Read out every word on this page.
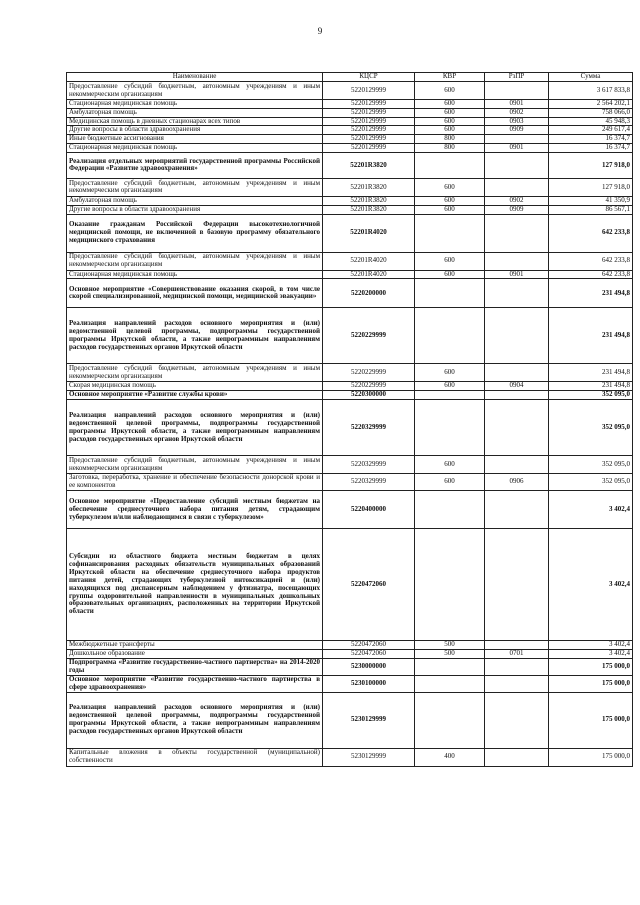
9
Наименование	КЦСР	КВР	РзПР	Сумма
Предоставление субсидий бюджетным, автономным учреждениям и иным некоммерческим организациям	5220129999	600		3 617 833,8
Стационарная медицинская помощь	5220129999	600	0901	2 564 202,1
Амбулаторная помощь	5220129999	600	0902	758 066,0
Медицинская помощь в дневных стационарах всех типов	5220129999	600	0903	45 948,3
Другие вопросы в области здравоохранения	5220129999	600	0909	249 617,4
Иные бюджетные ассигнования	5220129999	800		16 374,7
Стационарная медицинская помощь	5220129999	800	0901	16 374,7
Реализация отдельных мероприятий государственной программы Российской Федерации «Развитие здравоохранения»	52201R3820			127 918,0
Предоставление субсидий бюджетным, автономным учреждениям и иным некоммерческим организациям	52201R3820	600		127 918,0
Амбулаторная помощь	52201R3820	600	0902	41 350,9
Другие вопросы в области здравоохранения	52201R3820	600	0909	86 567,1
Оказание гражданам Российской Федерации высокотехнологичной медицинской помощи, не включенной в базовую программу обязательного медицинского страхования	52201R4020			642 233,8
Предоставление субсидий бюджетным, автономным учреждениям и иным некоммерческим организациям	52201R4020	600		642 233,8
Стационарная медицинская помощь	52201R4020	600	0901	642 233,8
Основное мероприятие «Совершенствование оказания скорой, в том числе скорой специализированной, медицинской помощи, медицинской эвакуации»	5220200000			231 494,8
Реализация направлений расходов основного мероприятия и (или) ведомственной целевой программы, подпрограммы государственной программы Иркутской области, а также непрограммным направлениям расходов государственных органов Иркутской области	5220229999			231 494,8
Предоставление субсидий бюджетным, автономным учреждениям и иным некоммерческим организациям	5220229999	600		231 494,8
Скорая медицинская помощь	5220229999	600	0904	231 494,8
Основное мероприятие «Развитие службы крови»	5220300000			352 095,0
Реализация направлений расходов основного мероприятия и (или) ведомственной целевой программы, подпрограммы государственной программы Иркутской области, а также непрограммным направлениям расходов государственных органов Иркутской области	5220329999			352 095,0
Предоставление субсидий бюджетным, автономным учреждениям и иным некоммерческим организациям	5220329999	600		352 095,0
Заготовка, переработка, хранение и обеспечение безопасности донорской крови и ее компонентов	5220329999	600	0906	352 095,0
Основное мероприятие «Предоставление субсидий местным бюджетам на обеспечение среднесуточного набора питания детям, страдающим туберкулезом и/или наблюдающимся в связи с туберкулезом»	5220400000			3 402,4
Субсидии из областного бюджета местным бюджетам в целях софинансирования расходных обязательств муниципальных образований Иркутской области на обеспечение среднесуточного набора продуктов питания детей, страдающих туберкулезной интоксикацией и (или) находящихся под диспансерным наблюдением у фтизиатра, посещающих группы оздоровительной направленности в муниципальных дошкольных образовательных организациях, расположенных на территории Иркутской области	5220472060			3 402,4
Межбюджетные трансферты	5220472060	500		3 402,4
Дошкольное образование	5220472060	500	0701	3 402,4
Подпрограмма «Развитие государственно-частного партнерства» на 2014-2020 годы	5230000000			175 000,0
Основное мероприятие «Развитие государственно-частного партнерства в сфере здравоохранения»	5230100000			175 000,0
Реализация направлений расходов основного мероприятия и (или) ведомственной целевой программы, подпрограммы государственной программы Иркутской области, а также непрограммным направлениям расходов государственных органов Иркутской области	5230129999			175 000,0
Капитальные вложения в объекты государственной (муниципальной) собственности	5230129999	400		175 000,0
